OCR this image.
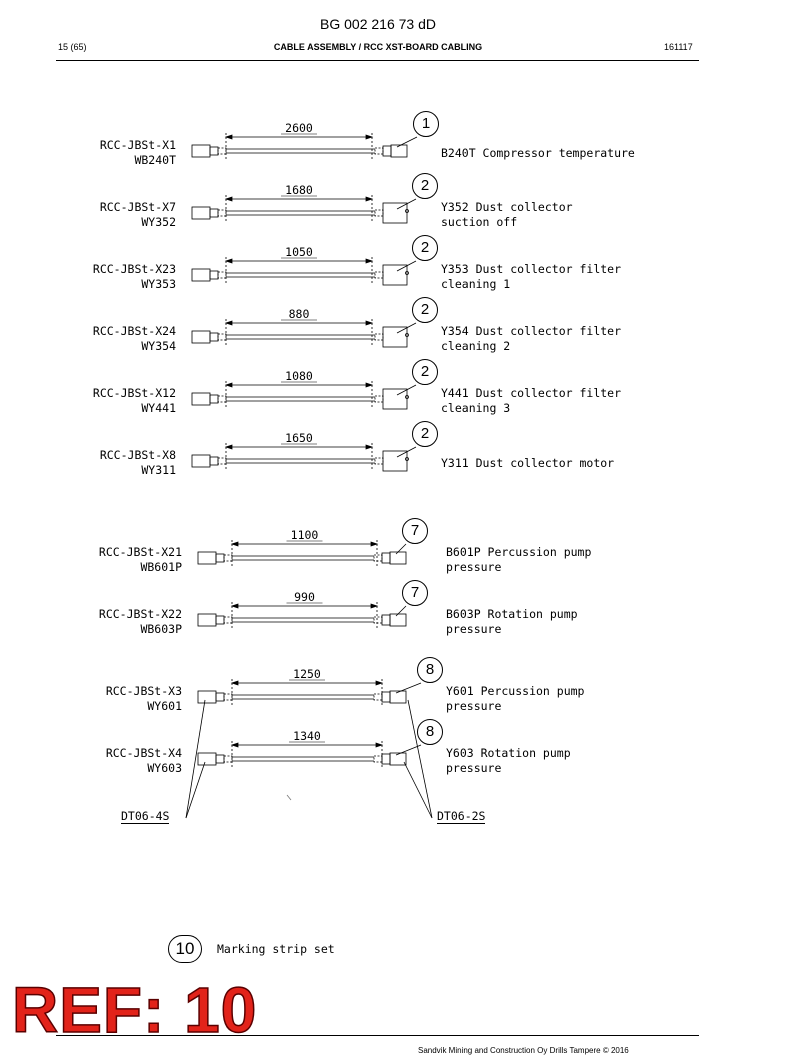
BG 002 216 73 dD
15 (65)	CABLE ASSEMBLY / RCC XST-BOARD CABLING	161117
RCC-JBSt-X1
WB240T
2600	1
B240T Compressor temperature
RCC-JBSt-X7
WY352
1680	2
Y352 Dust collector
suction off
RCC-JBSt-X23
WY353
1050	2
Y353 Dust collector filter
cleaning 1
RCC-JBSt-X24
WY354
880	2
Y354 Dust collector filter
cleaning 2
RCC-JBSt-X12
WY441
1080	2
Y441 Dust collector filter
cleaning 3
RCC-JBSt-X8
WY311
1650	2
Y311 Dust collector motor
RCC-JBSt-X21
WB601P
1100	7
B601P Percussion pump
pressure
RCC-JBSt-X22
WB603P
990	7
B603P Rotation pump
pressure
RCC-JBSt-X3
WY601
1250	8
Y601 Percussion pump
pressure
RCC-JBSt-X4
WY603
1340	8
Y603 Rotation pump
pressure
DT06-4S	DT06-2S
10	Marking strip set
Sandvik Mining and Construction Oy Drills Tampere © 2016
REF: 10
